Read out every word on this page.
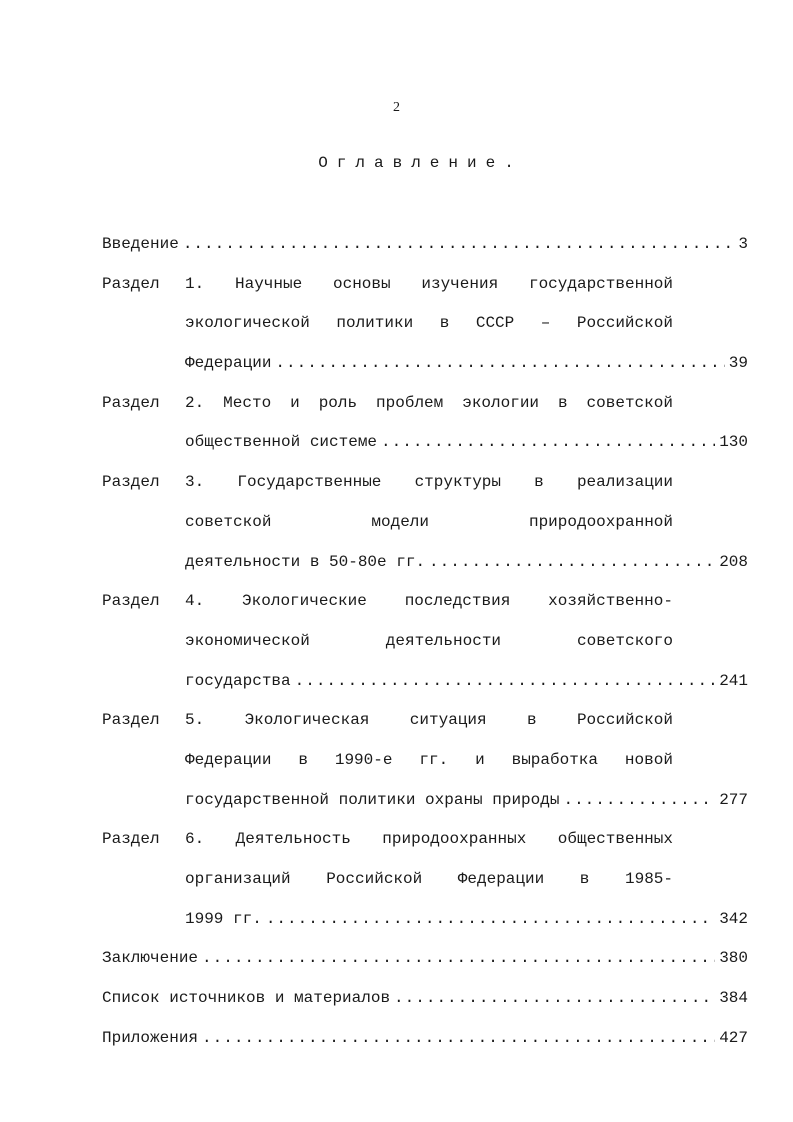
2
Оглавление.
Введение .....	3
Раздел	1. Научные основы изучения государственной
экологической политики в СССР – Российской
Федерации .....	39
Раздел	2. Место и роль проблем экологии в советской
общественной системе .....	130
Раздел	3. Государственные структуры в реализации
советской	модели	природоохранной
деятельности в 50-80е гг. .....	208
Раздел	4. Экологические последствия хозяйственно-
экономической	деятельности	советского
государства .....	241
Раздел	5.	Экологическая	ситуация	в	Российской
Федерации в 1990-е гг. и выработка новой
государственной политики охраны природы .....	277
Раздел	6. Деятельность природоохранных общественных
организаций Российской Федерации в 1985-
1999 гг. .....	342
Заключение .....	380
Список источников и материалов .....	384
Приложения .....	427
